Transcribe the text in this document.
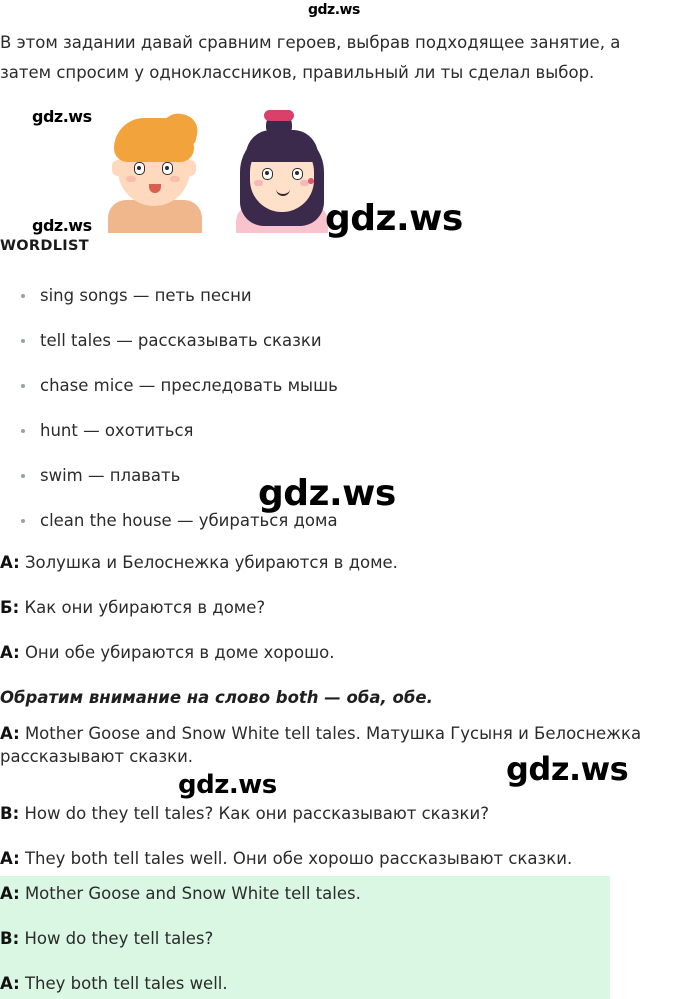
gdz.ws
gdz.ws
gdz.ws	gdz.ws
gdz.ws
gdz.ws	gdz.ws
В этом задании давай сравним героев, выбрав подходящее занятие, а затем спросим у одноклассников, правильный ли ты сделал выбор.
WORDLIST
sing songs — петь песни
tell tales — рассказывать сказки
chase mice — преследовать мышь
hunt — охотиться
swim — плавать
clean the house — убираться дома
A: Золушка и Белоснежка убираются в доме.
Б: Как они убираются в доме?
A: Они обе убираются в доме хорошо.
Обратим внимание на слово both — оба, обе.
A: Mother Goose and Snow White tell tales. Матушка Гусыня и Белоснежка рассказывают сказки.
B: How do they tell tales? Как они рассказывают сказки?
A: They both tell tales well. Они обе хорошо рассказывают сказки.
A: Mother Goose and Snow White tell tales.
B: How do they tell tales?
A: They both tell tales well.
